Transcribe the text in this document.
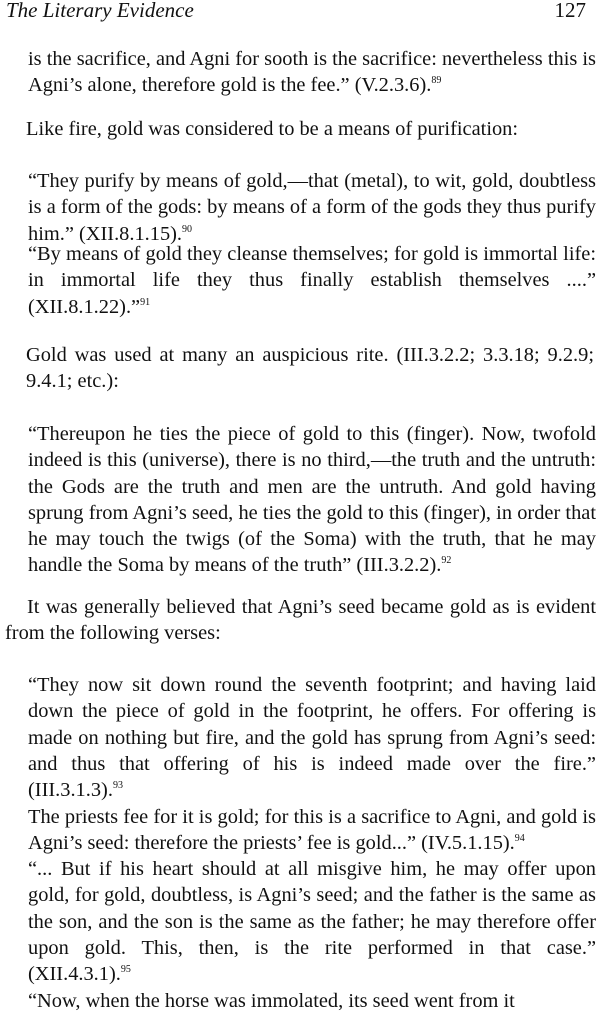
The Literary Evidence	127

is the sacrifice, and Agni for sooth is the sacrifice: nevertheless this is Agni’s alone, therefore gold is the fee.” (V.2.3.6).$^{89}$

Like fire, gold was considered to be a means of purification:

“They purify by means of gold,—that (metal), to wit, gold, doubtless is a form of the gods: by means of a form of the gods they thus purify him.” (XII.8.1.15).$^{90}$

“By means of gold they cleanse themselves; for gold is immortal life: in immortal life they thus finally establish themselves ....” (XII.8.1.22).”$^{91}$

Gold was used at many an auspicious rite. (III.3.2.2; 3.3.18; 9.2.9; 9.4.1; etc.):

“Thereupon he ties the piece of gold to this (finger). Now, twofold indeed is this (universe), there is no third,—the truth and the untruth: the Gods are the truth and men are the untruth. And gold having sprung from Agni’s seed, he ties the gold to this (finger), in order that he may touch the twigs (of the Soma) with the truth, that he may handle the Soma by means of the truth” (III.3.2.2).$^{92}$

It was generally believed that Agni’s seed became gold as is evident from the following verses:

“They now sit down round the seventh footprint; and having laid down the piece of gold in the footprint, he offers. For offering is made on nothing but fire, and the gold has sprung from Agni’s seed: and thus that offering of his is indeed made over the fire.” (III.3.1.3).$^{93}$

The priests fee for it is gold; for this is a sacrifice to Agni, and gold is Agni’s seed: therefore the priests’ fee is gold...” (IV.5.1.15).$^{94}$

“... But if his heart should at all misgive him, he may offer upon gold, for gold, doubtless, is Agni’s seed; and the father is the same as the son, and the son is the same as the father; he may therefore offer upon gold. This, then, is the rite performed in that case.” (XII.4.3.1).$^{95}$

“Now, when the horse was immolated, its seed went from it
